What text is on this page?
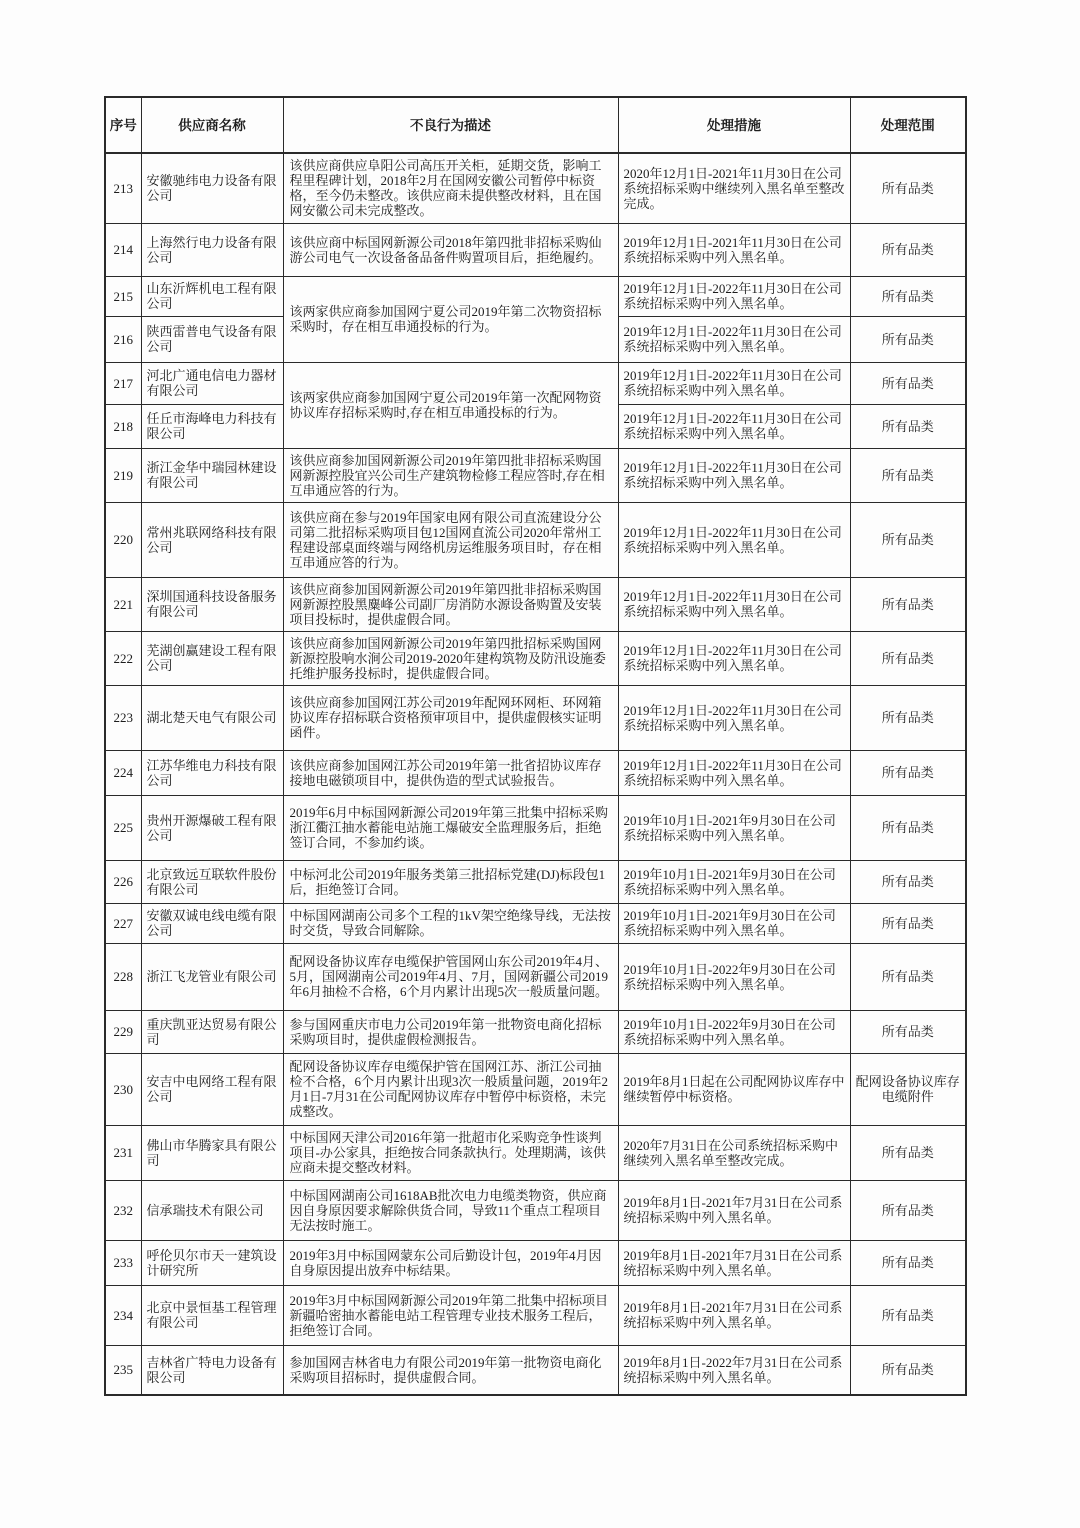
序号	供应商名称	不良行为描述	处理措施	处理范围
213	安徽驰纬电力设备有限公司	该供应商供应阜阳公司高压开关柜，延期交货，影响工程里程碑计划，2018年2月在国网安徽公司暂停中标资格，至今仍未整改。该供应商未提供整改材料，且在国网安徽公司未完成整改。	2020年12月1日-2021年11月30日在公司系统招标采购中继续列入黑名单至整改完成。	所有品类
214	上海然行电力设备有限公司	该供应商中标国网新源公司2018年第四批非招标采购仙游公司电气一次设备备品备件购置项目后，拒绝履约。	2019年12月1日-2021年11月30日在公司系统招标采购中列入黑名单。	所有品类
215	山东沂辉机电工程有限公司	该两家供应商参加国网宁夏公司2019年第二次物资招标采购时，存在相互串通投标的行为。	2019年12月1日-2022年11月30日在公司系统招标采购中列入黑名单。	所有品类
216	陕西雷普电气设备有限公司		2019年12月1日-2022年11月30日在公司系统招标采购中列入黑名单。	所有品类
217	河北广通电信电力器材有限公司	该两家供应商参加国网宁夏公司2019年第一次配网物资协议库存招标采购时,存在相互串通投标的行为。	2019年12月1日-2022年11月30日在公司系统招标采购中列入黑名单。	所有品类
218	任丘市海峰电力科技有限公司		2019年12月1日-2022年11月30日在公司系统招标采购中列入黑名单。	所有品类
219	浙江金华中瑞园林建设有限公司	该供应商参加国网新源公司2019年第四批非招标采购国网新源控股宜兴公司生产建筑物检修工程应答时,存在相互串通应答的行为。	2019年12月1日-2022年11月30日在公司系统招标采购中列入黑名单。	所有品类
220	常州兆联网络科技有限公司	该供应商在参与2019年国家电网有限公司直流建设分公司第二批招标采购项目包12国网直流公司2020年常州工程建设部桌面终端与网络机房运维服务项目时，存在相互串通应答的行为。	2019年12月1日-2022年11月30日在公司系统招标采购中列入黑名单。	所有品类
221	深圳国通科技设备服务有限公司	该供应商参加国网新源公司2019年第四批非招标采购国网新源控股黑麋峰公司副厂房消防水源设备购置及安装项目投标时，提供虚假合同。	2019年12月1日-2022年11月30日在公司系统招标采购中列入黑名单。	所有品类
222	芜湖创赢建设工程有限公司	该供应商参加国网新源公司2019年第四批招标采购国网新源控股响水涧公司2019-2020年建构筑物及防汛设施委托维护服务投标时，提供虚假合同。	2019年12月1日-2022年11月30日在公司系统招标采购中列入黑名单。	所有品类
223	湖北楚天电气有限公司	该供应商参加国网江苏公司2019年配网环网柜、环网箱协议库存招标联合资格预审项目中，提供虚假核实证明函件。	2019年12月1日-2022年11月30日在公司系统招标采购中列入黑名单。	所有品类
224	江苏华维电力科技有限公司	该供应商参加国网江苏公司2019年第一批省招协议库存接地电磁锁项目中，提供伪造的型式试验报告。	2019年12月1日-2022年11月30日在公司系统招标采购中列入黑名单。	所有品类
225	贵州开源爆破工程有限公司	2019年6月中标国网新源公司2019年第三批集中招标采购浙江衢江抽水蓄能电站施工爆破安全监理服务后，拒绝签订合同，不参加约谈。	2019年10月1日-2021年9月30日在公司系统招标采购中列入黑名单。	所有品类
226	北京致远互联软件股份有限公司	中标河北公司2019年服务类第三批招标党建(DJ)标段包1后，拒绝签订合同。	2019年10月1日-2021年9月30日在公司系统招标采购中列入黑名单。	所有品类
227	安徽双诚电线电缆有限公司	中标国网湖南公司多个工程的1kV架空绝缘导线，无法按时交货，导致合同解除。	2019年10月1日-2021年9月30日在公司系统招标采购中列入黑名单。	所有品类
228	浙江飞龙管业有限公司	配网设备协议库存电缆保护管国网山东公司2019年4月、5月，国网湖南公司2019年4月、7月，国网新疆公司2019年6月抽检不合格，6个月内累计出现5次一般质量问题。	2019年10月1日-2022年9月30日在公司系统招标采购中列入黑名单。	所有品类
229	重庆凯亚达贸易有限公司	参与国网重庆市电力公司2019年第一批物资电商化招标采购项目时，提供虚假检测报告。	2019年10月1日-2022年9月30日在公司系统招标采购中列入黑名单。	所有品类
230	安吉中电网络工程有限公司	配网设备协议库存电缆保护管在国网江苏、浙江公司抽检不合格，6个月内累计出现3次一般质量问题，2019年2月1日-7月31在公司配网协议库存中暂停中标资格，未完成整改。	2019年8月1日起在公司配网协议库存中继续暂停中标资格。	配网设备协议库存电缆附件
231	佛山市华腾家具有限公司	中标国网天津公司2016年第一批超市化采购竞争性谈判项目-办公家具，拒绝按合同条款执行。处理期满，该供应商未提交整改材料。	2020年7月31日在公司系统招标采购中继续列入黑名单至整改完成。	所有品类
232	信承瑞技术有限公司	中标国网湖南公司1618AB批次电力电缆类物资，供应商因自身原因要求解除供货合同，导致11个重点工程项目无法按时施工。	2019年8月1日-2021年7月31日在公司系统招标采购中列入黑名单。	所有品类
233	呼伦贝尔市天一建筑设计研究所	2019年3月中标国网蒙东公司后勤设计包，2019年4月因自身原因提出放弃中标结果。	2019年8月1日-2021年7月31日在公司系统招标采购中列入黑名单。	所有品类
234	北京中景恒基工程管理有限公司	2019年3月中标国网新源公司2019年第二批集中招标项目新疆哈密抽水蓄能电站工程管理专业技术服务工程后，拒绝签订合同。	2019年8月1日-2021年7月31日在公司系统招标采购中列入黑名单。	所有品类
235	吉林省广特电力设备有限公司	参加国网吉林省电力有限公司2019年第一批物资电商化采购项目招标时，提供虚假合同。	2019年8月1日-2022年7月31日在公司系统招标采购中列入黑名单。	所有品类
